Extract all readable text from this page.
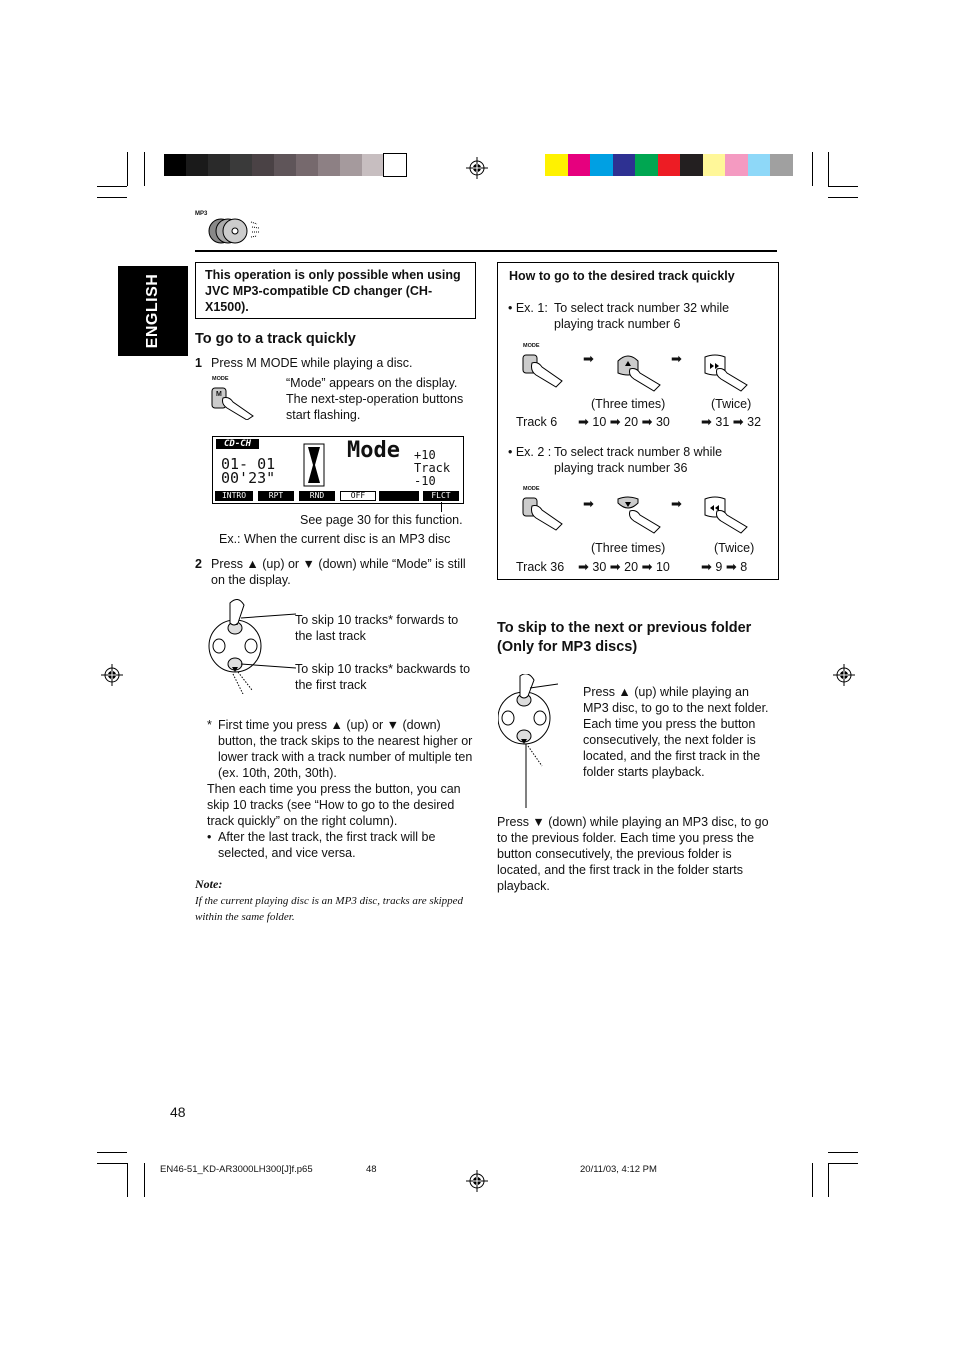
MP3
ENGLISH	This operation is only possible when using JVC MP3-compatible CD changer (CH-X1500).
To go to a track quickly
1 Press M MODE while playing a disc.
MODE
M
“Mode” appears on the display. The next-step-operation buttons start flashing.
CD-CH
01- 01
00'23"
Mode +10
Track
-10
INTRO	RPT	RND	OFF	FLCT
See page 30 for this function.
Ex.: When the current disc is an MP3 disc
2 Press ▲ (up) or ▼ (down) while “Mode” is still on the display.
To skip 10 tracks* forwards to the last track
To skip 10 tracks* backwards to the first track
* First time you press ▲ (up) or ▼ (down) button, the track skips to the nearest higher or lower track with a track number of multiple ten (ex. 10th, 20th, 30th).
Then each time you press the button, you can skip 10 tracks (see “How to go to the desired track quickly” on the right column).
• After the last track, the first track will be selected, and vice versa.
Note:
If the current playing disc is an MP3 disc, tracks are skipped within the same folder.
How to go to the desired track quickly
• Ex. 1: To select track number 32 while playing track number 6
MODE
➡	➡
(Three times)	(Twice)
Track 6 ➡ 10 ➡ 20 ➡ 30 ➡ 31 ➡ 32
• Ex. 2 : To select track number 8 while playing track number 36
MODE
➡	➡
(Three times)	(Twice)
Track 36 ➡ 30 ➡ 20 ➡ 10 ➡ 9 ➡ 8
To skip to the next or previous folder (Only for MP3 discs)
Press ▲ (up) while playing an MP3 disc, to go to the next folder. Each time you press the button consecutively, the next folder is located, and the first track in the folder starts playback.
Press ▼ (down) while playing an MP3 disc, to go to the previous folder. Each time you press the button consecutively, the previous folder is located, and the first track in the folder starts playback.
48
EN46-51_KD-AR3000LH300[J]f.p65	48	20/11/03, 4:12 PM
